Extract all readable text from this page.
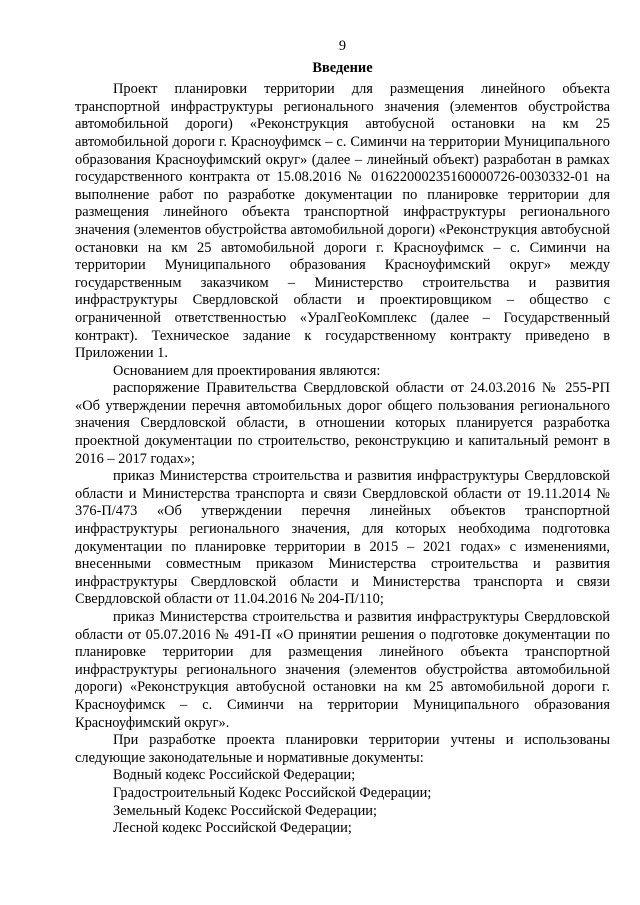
9

Введение

Проект планировки территории для размещения линейного объекта транспортной инфраструктуры регионального значения (элементов обустройства автомобильной дороги) «Реконструкция автобусной остановки на км 25 автомобильной дороги г. Красноуфимск – с. Симинчи на территории Муниципального образования Красноуфимский округ» (далее – линейный объект) разработан в рамках государственного контракта от 15.08.2016 № 01622000235160000726-0030332-01 на выполнение работ по разработке документации по планировке территории для размещения линейного объекта транспортной инфраструктуры регионального значения (элементов обустройства автомобильной дороги) «Реконструкция автобусной остановки на км 25 автомобильной дороги г. Красноуфимск – с. Симинчи на территории Муниципального образования Красноуфимский округ» между государственным заказчиком – Министерство строительства и развития инфраструктуры Свердловской области и проектировщиком – общество с ограниченной ответственностью «УралГеоКомплекс (далее – Государственный контракт). Техническое задание к государственному контракту приведено в Приложении 1.

Основанием для проектирования являются:

распоряжение Правительства Свердловской области от 24.03.2016 № 255-РП «Об утверждении перечня автомобильных дорог общего пользования регионального значения Свердловской области, в отношении которых планируется разработка проектной документации по строительство, реконструкцию и капитальный ремонт в 2016 – 2017 годах»;

приказ Министерства строительства и развития инфраструктуры Свердловской области и Министерства транспорта и связи Свердловской области от 19.11.2014 № 376-П/473 «Об утверждении перечня линейных объектов транспортной инфраструктуры регионального значения, для которых необходима подготовка документации по планировке территории в 2015 – 2021 годах» с изменениями, внесенными совместным приказом Министерства строительства и развития инфраструктуры Свердловской области и Министерства транспорта и связи Свердловской области от 11.04.2016 № 204-П/110;

приказ Министерства строительства и развития инфраструктуры Свердловской области от 05.07.2016 № 491-П «О принятии решения о подготовке документации по планировке территории для размещения линейного объекта транспортной инфраструктуры регионального значения (элементов обустройства автомобильной дороги) «Реконструкция автобусной остановки на км 25 автомобильной дороги г. Красноуфимск – с. Симинчи на территории Муниципального образования Красноуфимский округ».

При разработке проекта планировки территории учтены и использованы следующие законодательные и нормативные документы:

Водный кодекс Российской Федерации;

Градостроительный Кодекс Российской Федерации;

Земельный Кодекс Российской Федерации;

Лесной кодекс Российской Федерации;
